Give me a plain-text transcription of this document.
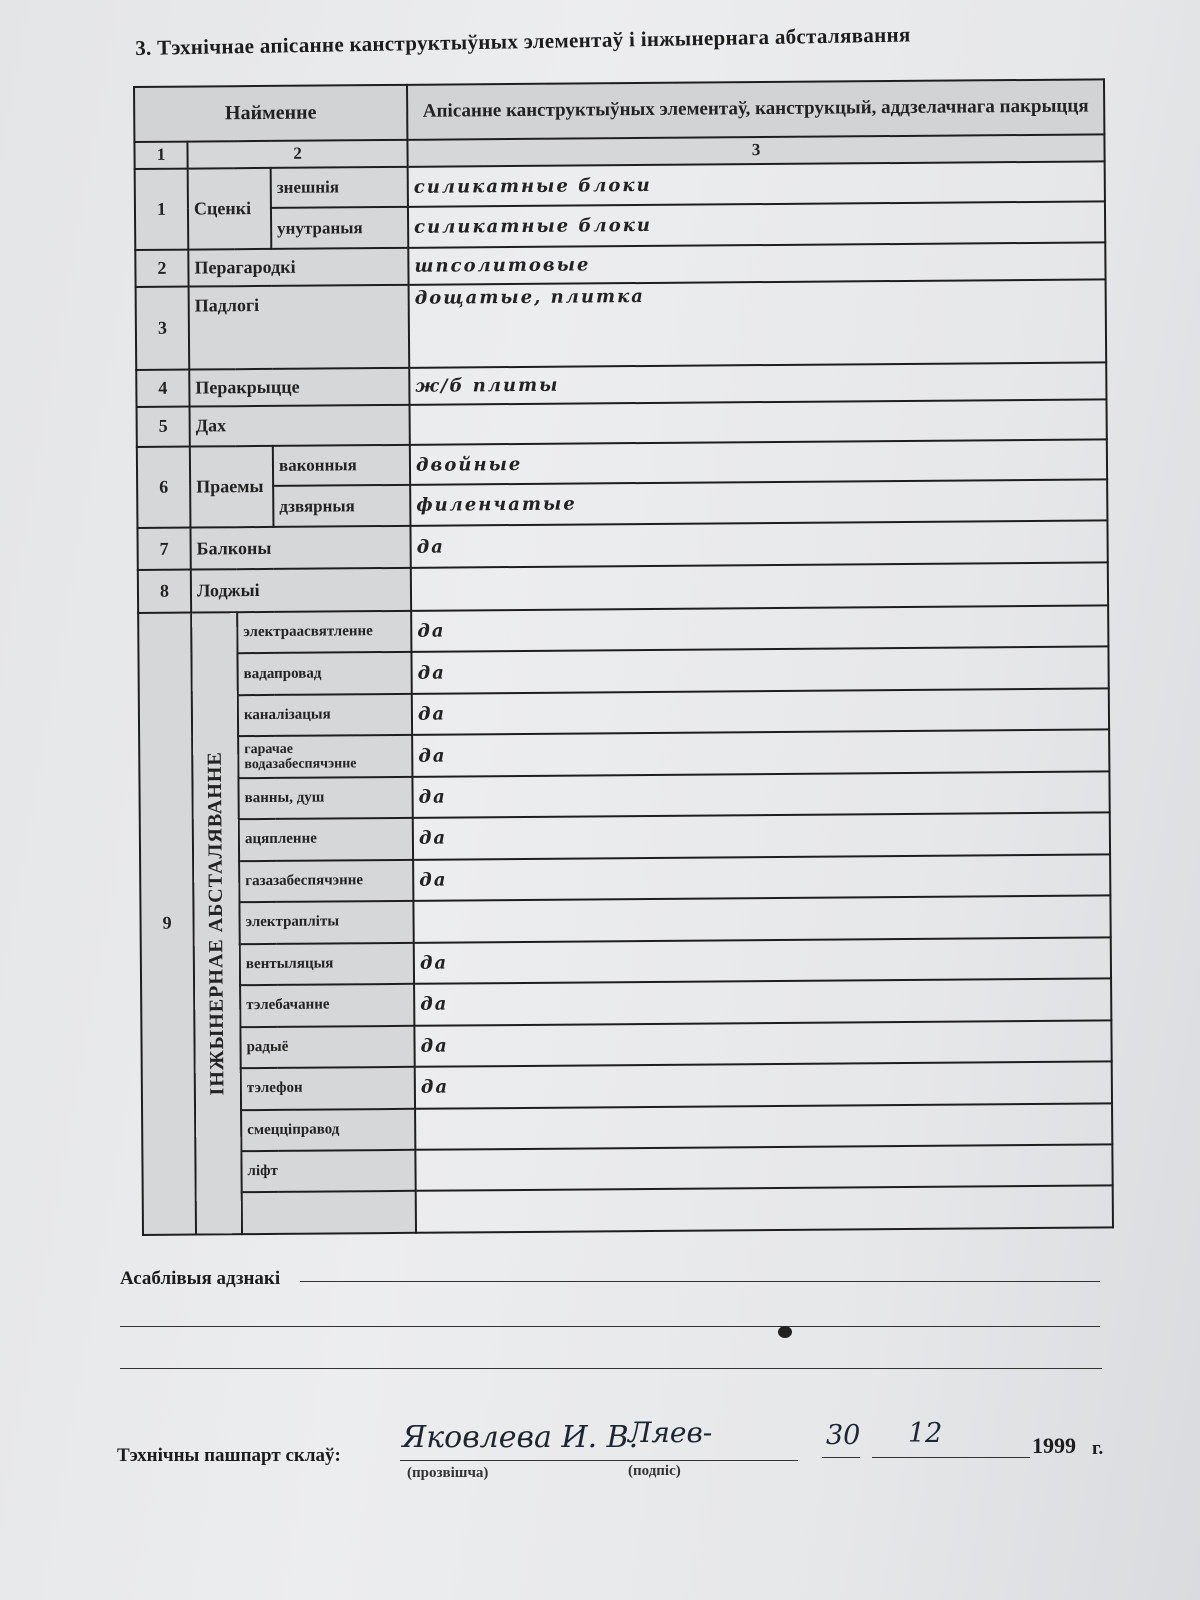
3. Тэхнічнае апісанне канструктыўных элементаў і інжынернага абсталявання
Найменне				Апісанне канструктыўных элементаў, канструкцый, аддзелачнага пакрыцця
1	2			3
1	Сценкі		знешнія	силикатные блоки
			унутраныя	силикатные блоки
2	Перагародкі			шпсолитовые
3	Падлогі			дощатые, плитка
4	Перакрыцце			ж/б плиты
5	Дах			
6	Праемы		ваконныя	двойные
			дзвярныя	филенчатые
7	Балконы			да
8	Лоджыі			
9	ІНЖЫНЕРНАЕ АБСТАЛЯВАННЕ	электраасвятленне		да
		вадапровад		да
		каналізацыя		да
		гарачае водазабеспячэнне		да
		ванны, душ		да
		ацяпленне		да
		газазабеспячэнне		да
		электрапліты		
		вентыляцыя		да
		тэлебачанне		да
		радыё		да
		тэлефон		да
		смецціправод		
		ліфт		

Асаблівыя адзнакі
Тэхнічны пашпарт склаў:
Яковлева И. В.
Ляев-
(прозвішча)	(подпіс)
30 12	1999 г.
